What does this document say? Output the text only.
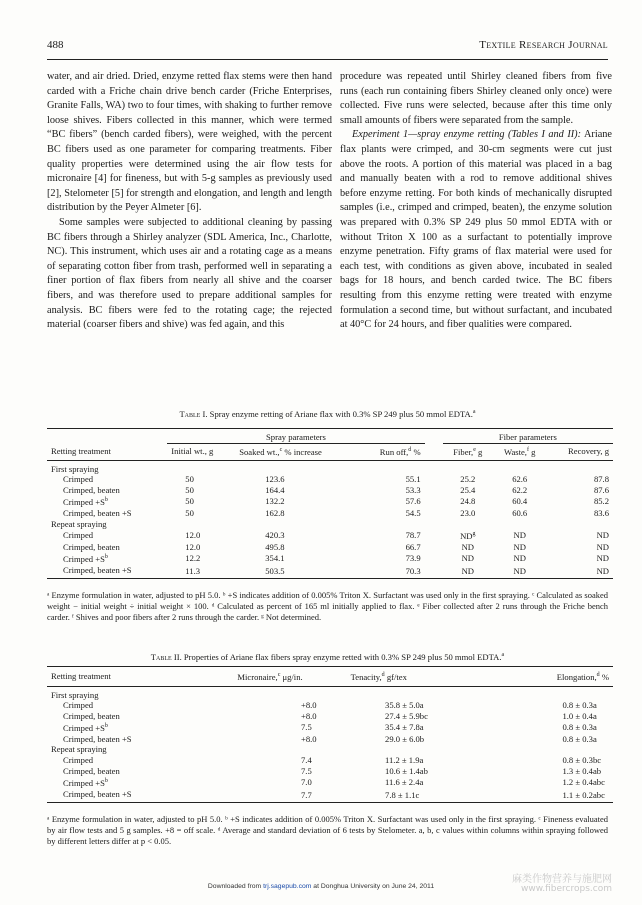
488	Textile Research Journal

water, and air dried. Dried, enzyme retted flax stems were then hand carded with a Friche chain drive bench carder (Friche Enterprises, Granite Falls, WA) two to four times, with shaking to further remove loose shives. Fibers collected in this manner, which were termed “BC fibers” (bench carded fibers), were weighed, with the percent BC fibers used as one parameter for comparing treatments. Fiber quality properties were determined using the air flow tests for micronaire [4] for fineness, but with 5-g samples as previously used [2], Stelometer [5] for strength and elongation, and length and length distribution by the Peyer Almeter [6].

Some samples were subjected to additional cleaning by passing BC fibers through a Shirley analyzer (SDL America, Inc., Charlotte, NC). This instrument, which uses air and a rotating cage as a means of separating cotton fiber from trash, performed well in separating a finer portion of flax fibers from nearly all shive and the coarser fibers, and was therefore used to prepare additional samples for analysis. BC fibers were fed to the rotating cage; the rejected material (coarser fibers and shive) was fed again, and this

procedure was repeated until Shirley cleaned fibers from five runs (each run containing fibers Shirley cleaned only once) were collected. Five runs were selected, because after this time only small amounts of fibers were separated from the sample.

Experiment 1—spray enzyme retting (Tables I and II): Ariane flax plants were crimped, and 30-cm segments were cut just above the roots. A portion of this material was placed in a bag and manually beaten with a rod to remove additional shives before enzyme retting. For both kinds of mechanically disrupted samples (i.e., crimped and crimped, beaten), the enzyme solution was prepared with 0.3% SP 249 plus 50 mmol EDTA with or without Triton X 100 as a surfactant to potentially improve enzyme penetration. Fifty grams of flax material were used for each test, with conditions as given above, incubated in sealed bags for 18 hours, and bench carded twice. The BC fibers resulting from this enzyme retting were treated with enzyme formulation a second time, but without surfactant, and incubated at 40°C for 24 hours, and fiber qualities were compared.

Table I. Spray enzyme retting of Ariane flax with 0.3% SP 249 plus 50 mmol EDTA.$^a$
	Spray parameters				Fiber parameters		
Retting treatment	Initial wt., g	Soaked wt.,$^c$ % increase	Run off,$^d$ %		Fiber,$^e$ g	Waste,$^f$ g	Recovery, g
First spraying							
Crimped	50	123.6	55.1		25.2	62.6	87.8
Crimped, beaten	50	164.4	53.3		25.4	62.2	87.6
Crimped $+S^b$	50	132.2	57.6		24.8	60.4	85.2
Crimped, beaten +S	50	162.8	54.5		23.0	60.6	83.6
Repeat spraying							
Crimped	12.0	420.3	78.7		$ND^g$	ND	ND
Crimped, beaten	12.0	495.8	66.7		ND	ND	ND
Crimped $+S^b$	12.2	354.1	73.9		ND	ND	ND
Crimped, beaten +S	11.3	503.5	70.3		ND	ND	ND
ᵃ Enzyme formulation in water, adjusted to pH 5.0. ᵇ +S indicates addition of 0.005% Triton X. Surfactant was used only in the first spraying. ᶜ Calculated as soaked weight − initial weight ÷ initial weight × 100. ᵈ Calculated as percent of 165 ml initially applied to flax. ᵉ Fiber collected after 2 runs through the Friche bench carder. ᶠ Shives and poor fibers after 2 runs through the carder. ᵍ Not determined.
Table II. Properties of Ariane flax fibers spray enzyme retted with 0.3% SP 249 plus 50 mmol EDTA.$^a$
Retting treatment	Micronaire,$^c$ μg/in.	Tenacity,$^d$ gf/tex	Elongation,$^d$ %
First spraying			
Crimped	+8.0	35.8 ± 5.0a	0.8 ± 0.3a
Crimped, beaten	+8.0	27.4 ± 5.9bc	1.0 ± 0.4a
Crimped $+S^b$	7.5	35.4 ± 7.8a	0.8 ± 0.3a
Crimped, beaten +S	+8.0	29.0 ± 6.0b	0.8 ± 0.3a
Repeat spraying			
Crimped	7.4	11.2 ± 1.9a	0.8 ± 0.3bc
Crimped, beaten	7.5	10.6 ± 1.4ab	1.3 ± 0.4ab
Crimped $+S^b$	7.0	11.6 ± 2.4a	1.2 ± 0.4abc
Crimped, beaten +S	7.7	7.8 ± 1.1c	1.1 ± 0.2abc
ᵃ Enzyme formulation in water, adjusted to pH 5.0. ᵇ +S indicates addition of 0.005% Triton X. Surfactant was used only in the first spraying. ᶜ Fineness evaluated by air flow tests and 5 g samples. +8 = off scale. ᵈ Average and standard deviation of 6 tests by Stelometer. a, b, c values within columns within spraying followed by different letters differ at p < 0.05.
Downloaded from trj.sagepub.com at Donghua University on June 24, 2011
麻类作物营养与施肥网
www.fibercrops.com
